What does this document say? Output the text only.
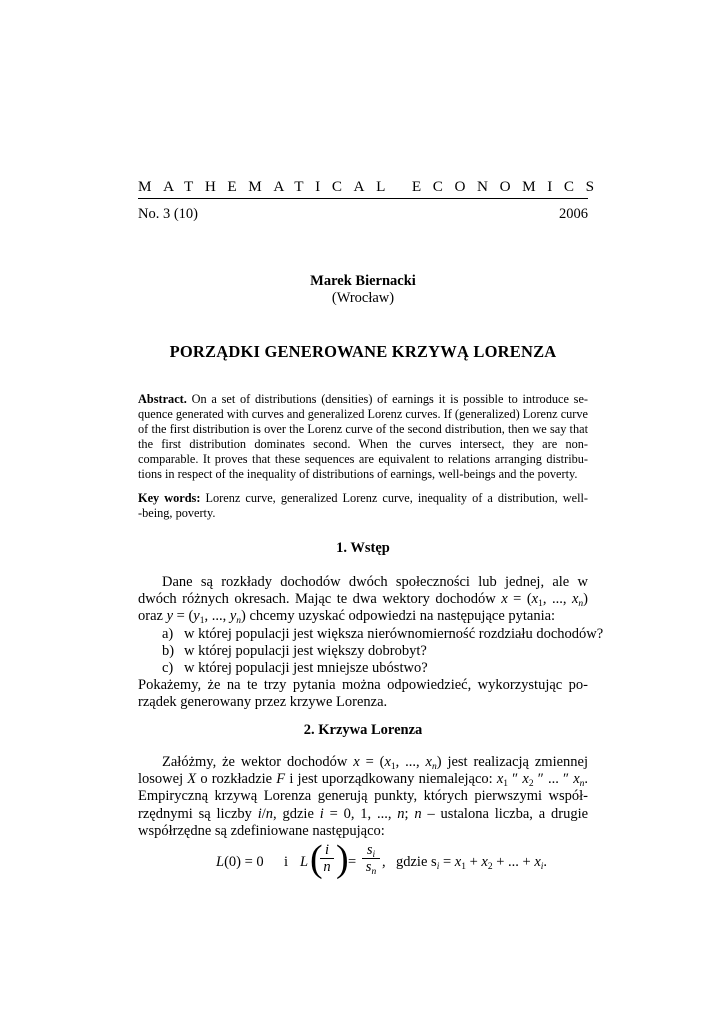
MATHEMATICAL ECONOMICS
No. 3 (10)	2006
Marek Biernacki
(Wrocław)
PORZĄDKI GENEROWANE KRZYWĄ LORENZA
Abstract. On a set of distributions (densities) of earnings it is possible to introduce se-
quence generated with curves and generalized Lorenz curves. If (generalized) Lorenz curve
of the first distribution is over the Lorenz curve of the second distribution, then we say that
the first distribution dominates second. When the curves intersect, they are non-
comparable. It proves that these sequences are equivalent to relations arranging distribu-
tions in respect of the inequality of distributions of earnings, well-beings and the poverty.
Key words: Lorenz curve, generalized Lorenz curve, inequality of a distribution, well-
-being, poverty.
1. Wstęp
Dane są rozkłady dochodów dwóch społeczności lub jednej, ale w
dwóch różnych okresach. Mając te dwa wektory dochodów $x = (x_1$, ..., $x_n$)
oraz $y = (y_1$, ..., $y_n$) chcemy uzyskać odpowiedzi na następujące pytania:
a) w której populacji jest większa nierównomierność rozdziału dochodów?
b) w której populacji jest większy dobrobyt?
c) w której populacji jest mniejsze ubóstwo?
Pokażemy, że na te trzy pytania można odpowiedzieć, wykorzystując po-
rządek generowany przez krzywe Lorenza.
2. Krzywa Lorenza
Załóżmy, że wektor dochodów $x = (x_1$, ..., $x_n$) jest realizacją zmiennej
losowej X o rozkładzie F i jest uporządkowany niemalejąco: $x_1$ ″ $x_2$ ″ ... ″ $x_n$.
Empiryczną krzywą Lorenza generują punkty, których pierwszymi współ-
rzędnymi są liczby i/n, gdzie i = 0, 1, ..., n; n – ustalona liczba, a drugie
współrzędne są zdefiniowane następująco:
L(0) = 0 i L (
$\frac{i}{n}$ ) = $\frac{s_i}{s_n}$ , gdzie $s_i = x_1 + x_2$ + ... + $x_i$.
